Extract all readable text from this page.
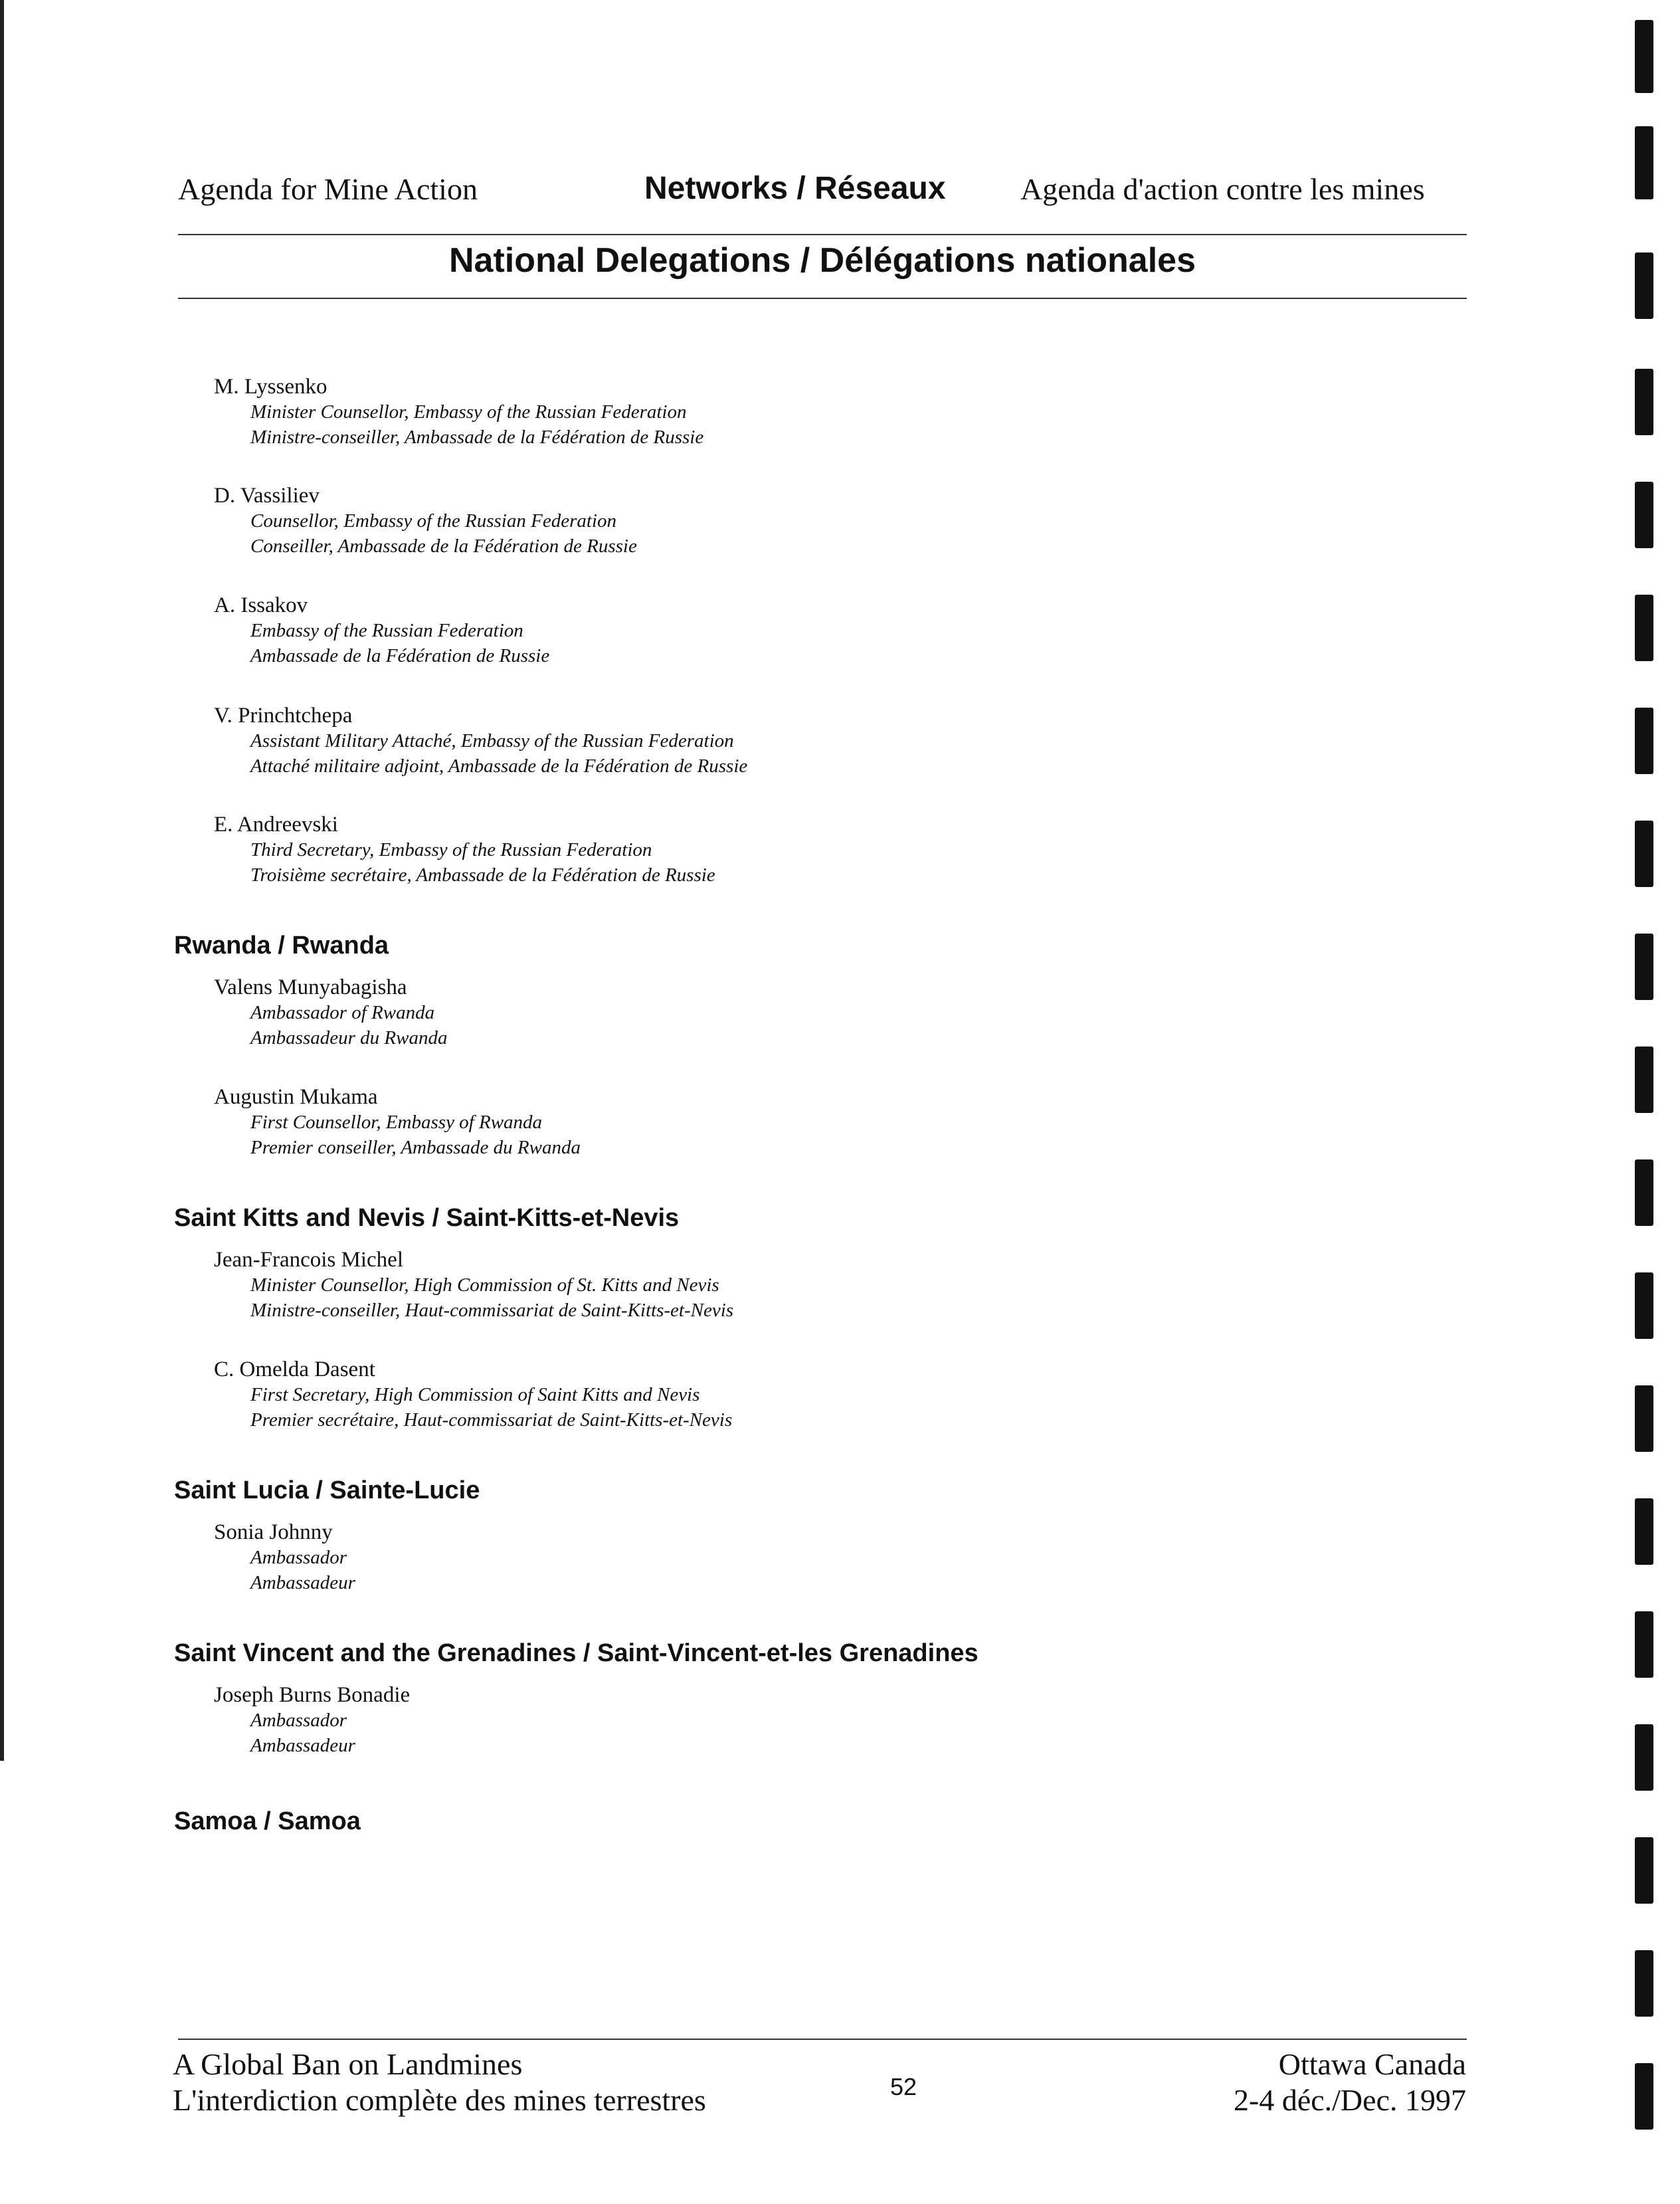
Agenda for Mine Action	Networks / Réseaux Agenda d'action contre les mines
National Delegations / Délégations nationales
M. Lyssenko
Minister Counsellor, Embassy of the Russian Federation
Ministre-conseiller, Ambassade de la Fédération de Russie
D. Vassiliev
Counsellor, Embassy of the Russian Federation
Conseiller, Ambassade de la Fédération de Russie
A. Issakov
Embassy of the Russian Federation
Ambassade de la Fédération de Russie
V. Princhtchepa
Assistant Military Attaché, Embassy of the Russian Federation
Attaché militaire adjoint, Ambassade de la Fédération de Russie
E. Andreevski
Third Secretary, Embassy of the Russian Federation
Troisième secrétaire, Ambassade de la Fédération de Russie
Rwanda / Rwanda
Valens Munyabagisha
Ambassador of Rwanda
Ambassadeur du Rwanda
Augustin Mukama
First Counsellor, Embassy of Rwanda
Premier conseiller, Ambassade du Rwanda
Saint Kitts and Nevis / Saint-Kitts-et-Nevis
Jean-Francois Michel
Minister Counsellor, High Commission of St. Kitts and Nevis
Ministre-conseiller, Haut-commissariat de Saint-Kitts-et-Nevis
C. Omelda Dasent
First Secretary, High Commission of Saint Kitts and Nevis
Premier secrétaire, Haut-commissariat de Saint-Kitts-et-Nevis
Saint Lucia / Sainte-Lucie
Sonia Johnny
Ambassador
Ambassadeur
Saint Vincent and the Grenadines / Saint-Vincent-et-les Grenadines
Joseph Burns Bonadie
Ambassador
Ambassadeur
Samoa / Samoa
A Global Ban on Landmines
L'interdiction complète des mines terrestres	52
Ottawa Canada
2-4 déc./Dec. 1997
